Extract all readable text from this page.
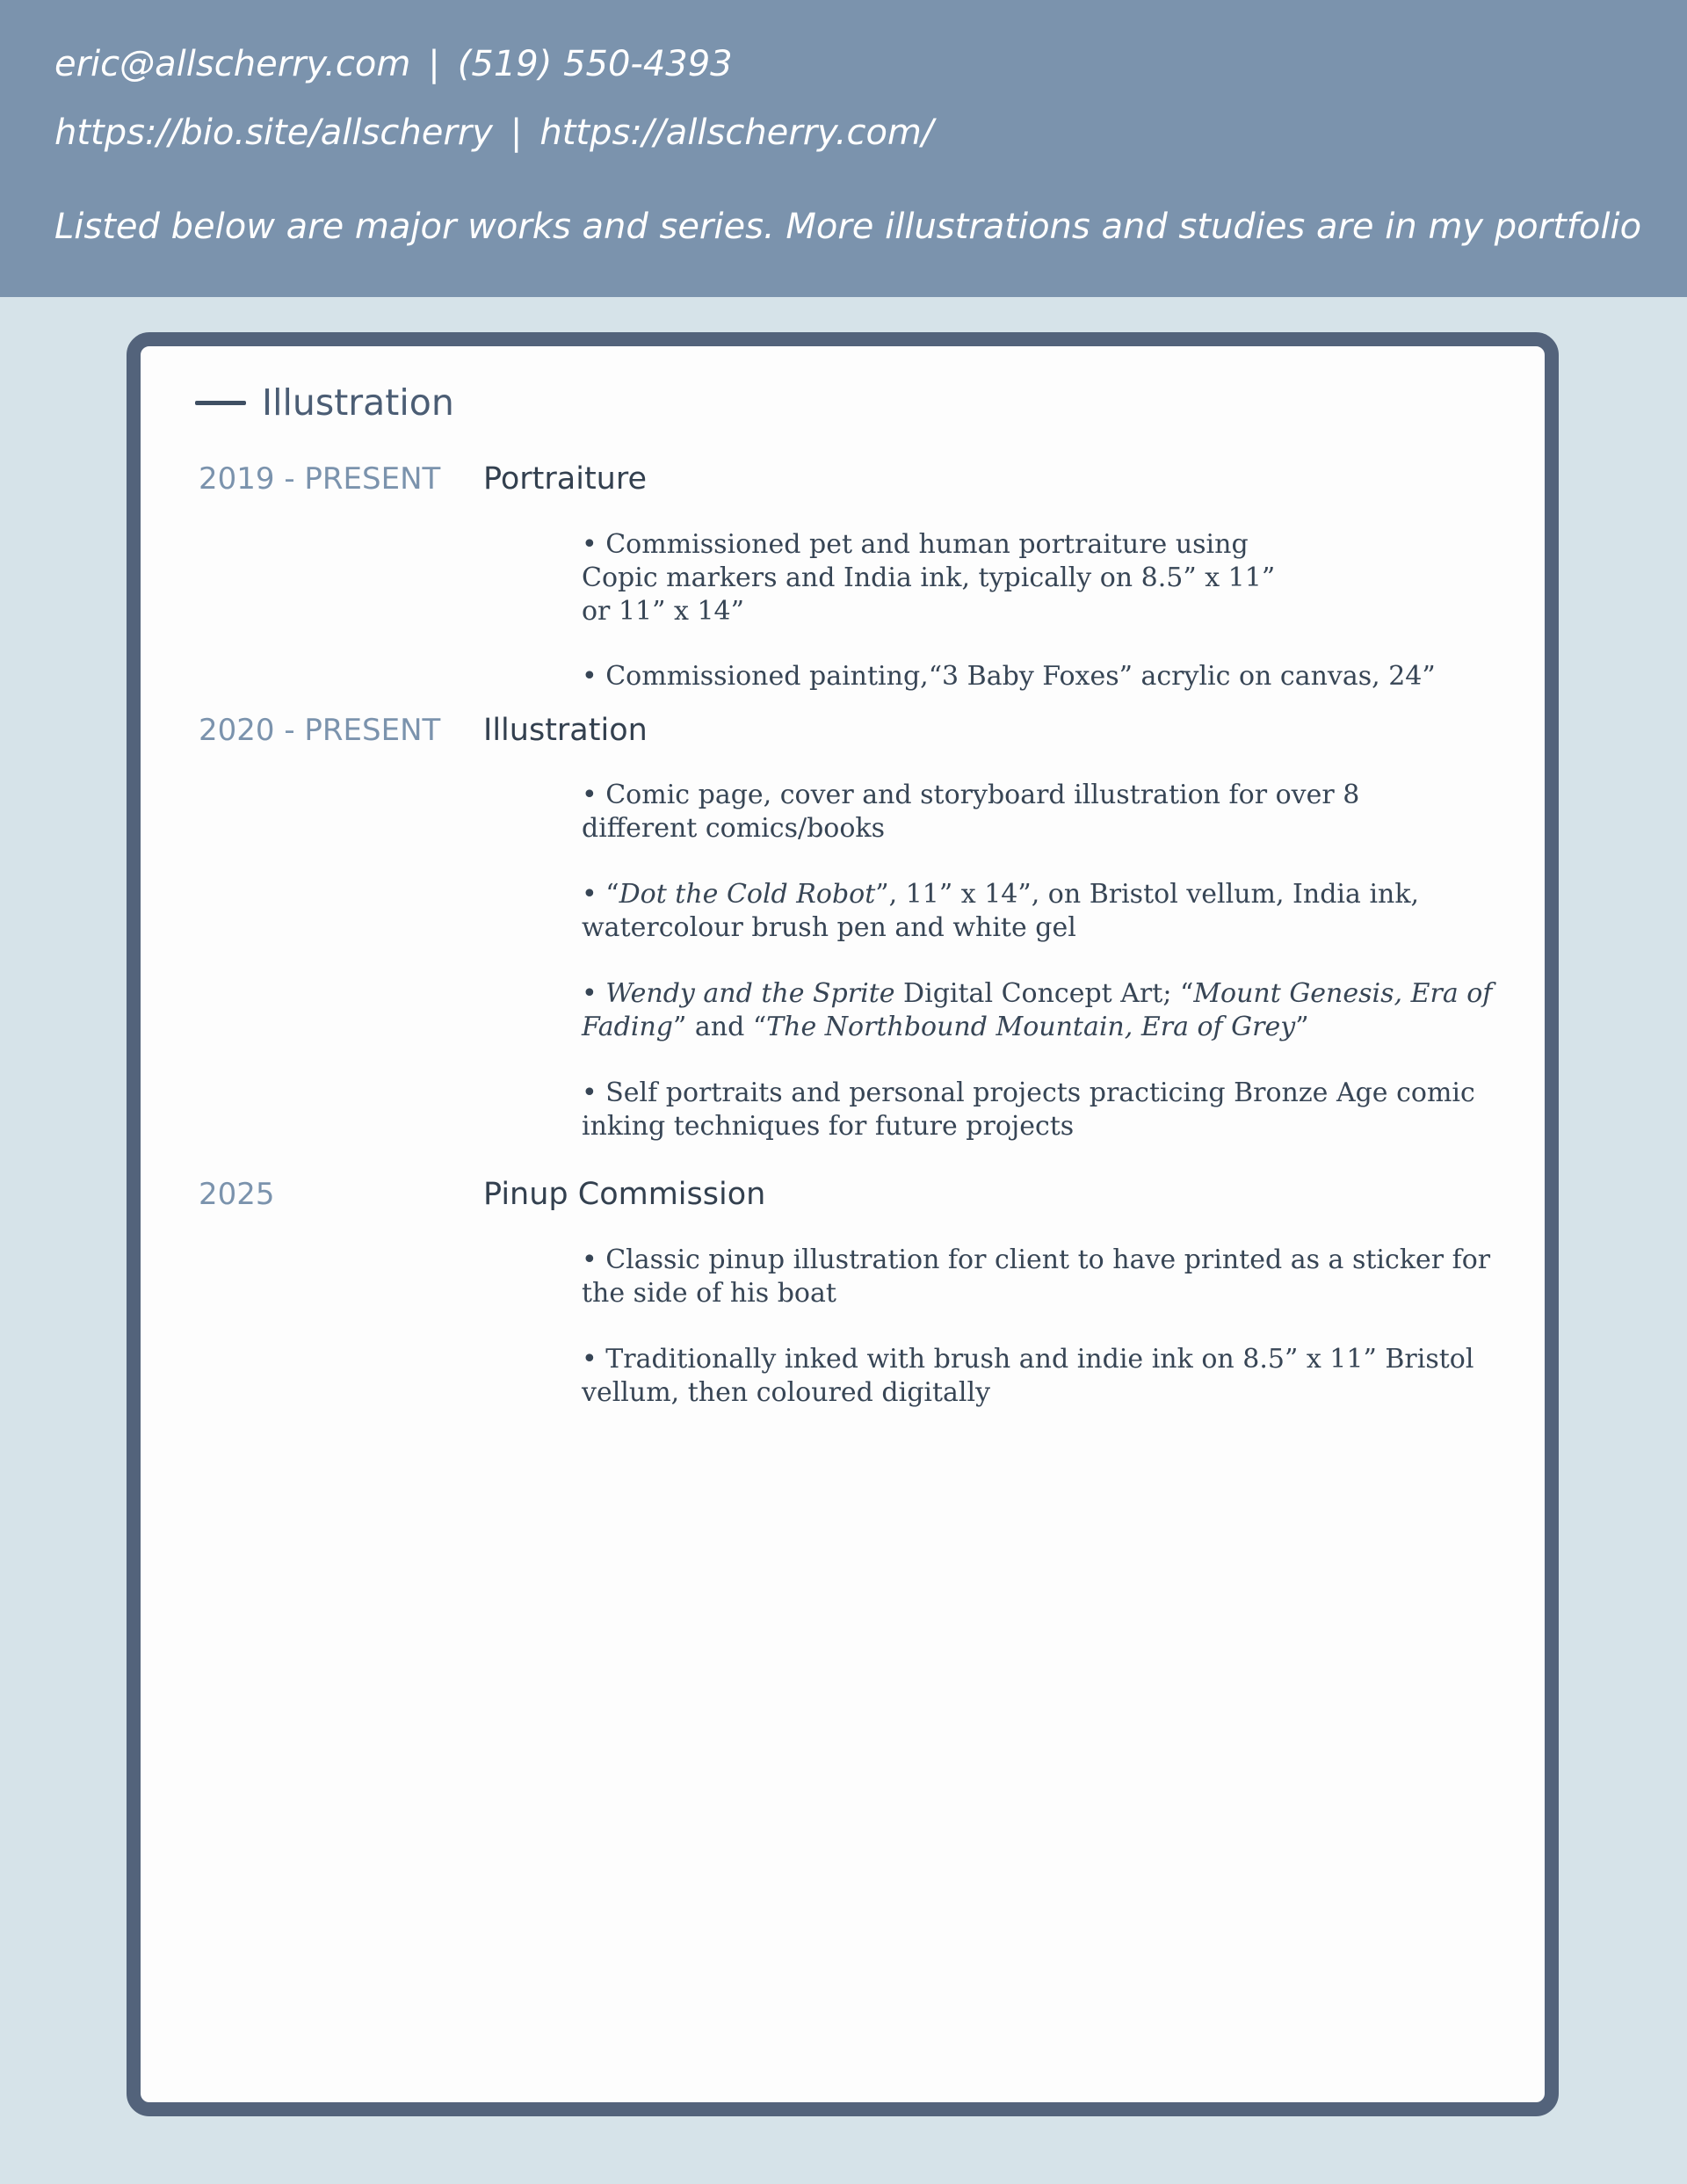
eric@allscherry.com | (519) 550-4393
https://bio.site/allscherry | https://allscherry.com/
Listed below are major works and series. More illustrations and studies are in my portfolio
Illustration
2019 - PRESENT Portraiture
• Commissioned pet and human portraiture using
Copic markers and India ink, typically on 8.5” x 11”
or 11” x 14”
• Commissioned painting,“3 Baby Foxes” acrylic on canvas, 24”
2020 - PRESENT Illustration
• Comic page, cover and storyboard illustration for over 8
different comics/books
• “Dot the Cold Robot”, 11” x 14”, on Bristol vellum, India ink,
watercolour brush pen and white gel
• Wendy and the Sprite Digital Concept Art; “Mount Genesis, Era of
Fading” and “The Northbound Mountain, Era of Grey”
• Self portraits and personal projects practicing Bronze Age comic
inking techniques for future projects
2025	Pinup Commission
• Classic pinup illustration for client to have printed as a sticker for
the side of his boat
• Traditionally inked with brush and indie ink on 8.5” x 11” Bristol
vellum, then coloured digitally
